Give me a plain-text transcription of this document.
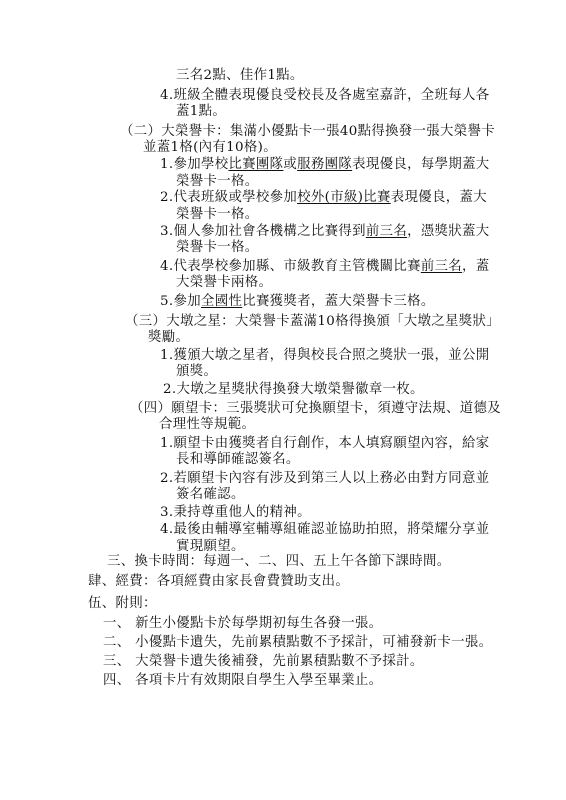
三名2點、佳作1點。
4.班級全體表現優良受校長及各處室嘉許，全班每人各
蓋1點。
（二）大榮譽卡：集滿小優點卡一張40點得換發一張大榮譽卡
並蓋1格(內有10格)。
1.參加學校比賽團隊或服務團隊表現優良，每學期蓋大
榮譽卡一格。
2.代表班級或學校參加校外(市級)比賽表現優良，蓋大
榮譽卡一格。
3.個人參加社會各機構之比賽得到前三名，憑獎狀蓋大
榮譽卡一格。
4.代表學校參加縣、市級教育主管機關比賽前三名，蓋
大榮譽卡兩格。
5.參加全國性比賽獲獎者，蓋大榮譽卡三格。
（三）大墩之星：大榮譽卡蓋滿10格得換頒「大墩之星獎狀」
獎勵。
1.獲頒大墩之星者，得與校長合照之獎狀一張，並公開
頒獎。
2.大墩之星獎狀得換發大墩榮譽徽章一枚。
（四）願望卡：三張獎狀可兌換願望卡，須遵守法規、道德及
合理性等規範。
1.願望卡由獲獎者自行創作，本人填寫願望內容，給家
長和導師確認簽名。
2.若願望卡內容有涉及到第三人以上務必由對方同意並
簽名確認。
3.秉持尊重他人的精神。
4.最後由輔導室輔導組確認並協助拍照，將榮耀分享並
實現願望。
三、換卡時間：每週一、二、四、五上午各節下課時間。
肆、經費：各項經費由家長會費贊助支出。
伍、附則：
一、 新生小優點卡於每學期初每生各發一張。
二、 小優點卡遺失，先前累積點數不予採計，可補發新卡一張。
三、 大榮譽卡遺失後補發，先前累積點數不予採計。
四、 各項卡片有效期限自學生入學至畢業止。
